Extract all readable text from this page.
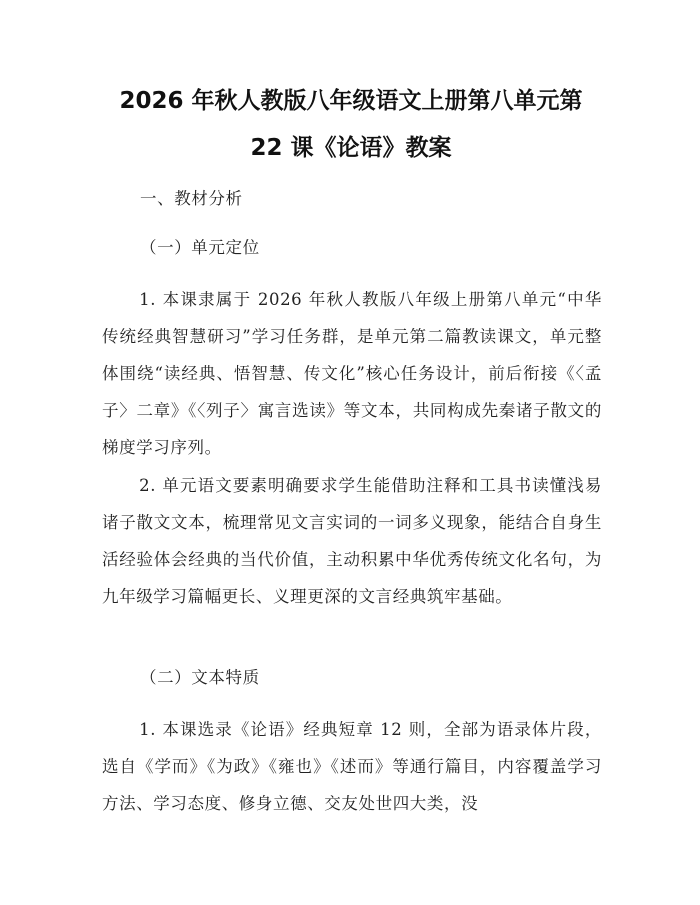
2026 年秋人教版八年级语文上册第八单元第
22 课《论语》教案
一、教材分析
（一）单元定位
1. 本课隶属于 2026 年秋人教版八年级上册第八单元“中华传统经典智慧研习”学习任务群，是单元第二篇教读课文，单元整体围绕“读经典、悟智慧、传文化”核心任务设计，前后衔接《〈孟子〉二章》《〈列子〉寓言选读》等文本，共同构成先秦诸子散文的梯度学习序列。
2. 单元语文要素明确要求学生能借助注释和工具书读懂浅易诸子散文文本，梳理常见文言实词的一词多义现象，能结合自身生活经验体会经典的当代价值，主动积累中华优秀传统文化名句，为九年级学习篇幅更长、义理更深的文言经典筑牢基础。
（二）文本特质
1. 本课选录《论语》经典短章 12 则，全部为语录体片段，选自《学而》《为政》《雍也》《述而》等通行篇目，内容覆盖学习方法、学习态度、修身立德、交友处世四大类，没
